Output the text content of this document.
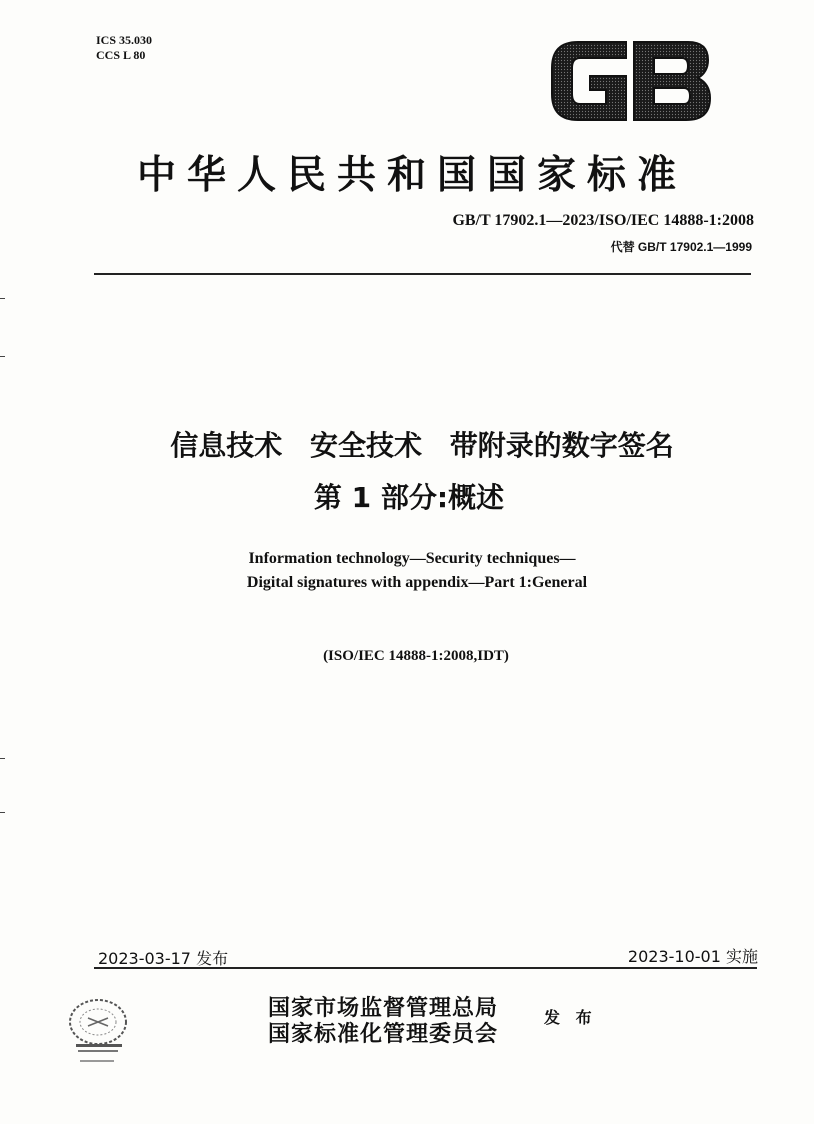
ICS 35.030
CCS L 80
中华人民共和国国家标准
GB/T 17902.1—2023/ISO/IEC 14888-1:2008
代替 GB/T 17902.1—1999
信息技术 安全技术 带附录的数字签名
第 1 部分:概述
Information technology—Security techniques—
Digital signatures with appendix—Part 1:General
(ISO/IEC 14888-1:2008,IDT)
2023-03-17 发布	2023-10-01 实施
国家市场监督管理总局
国家标准化管理委员会
发 布
